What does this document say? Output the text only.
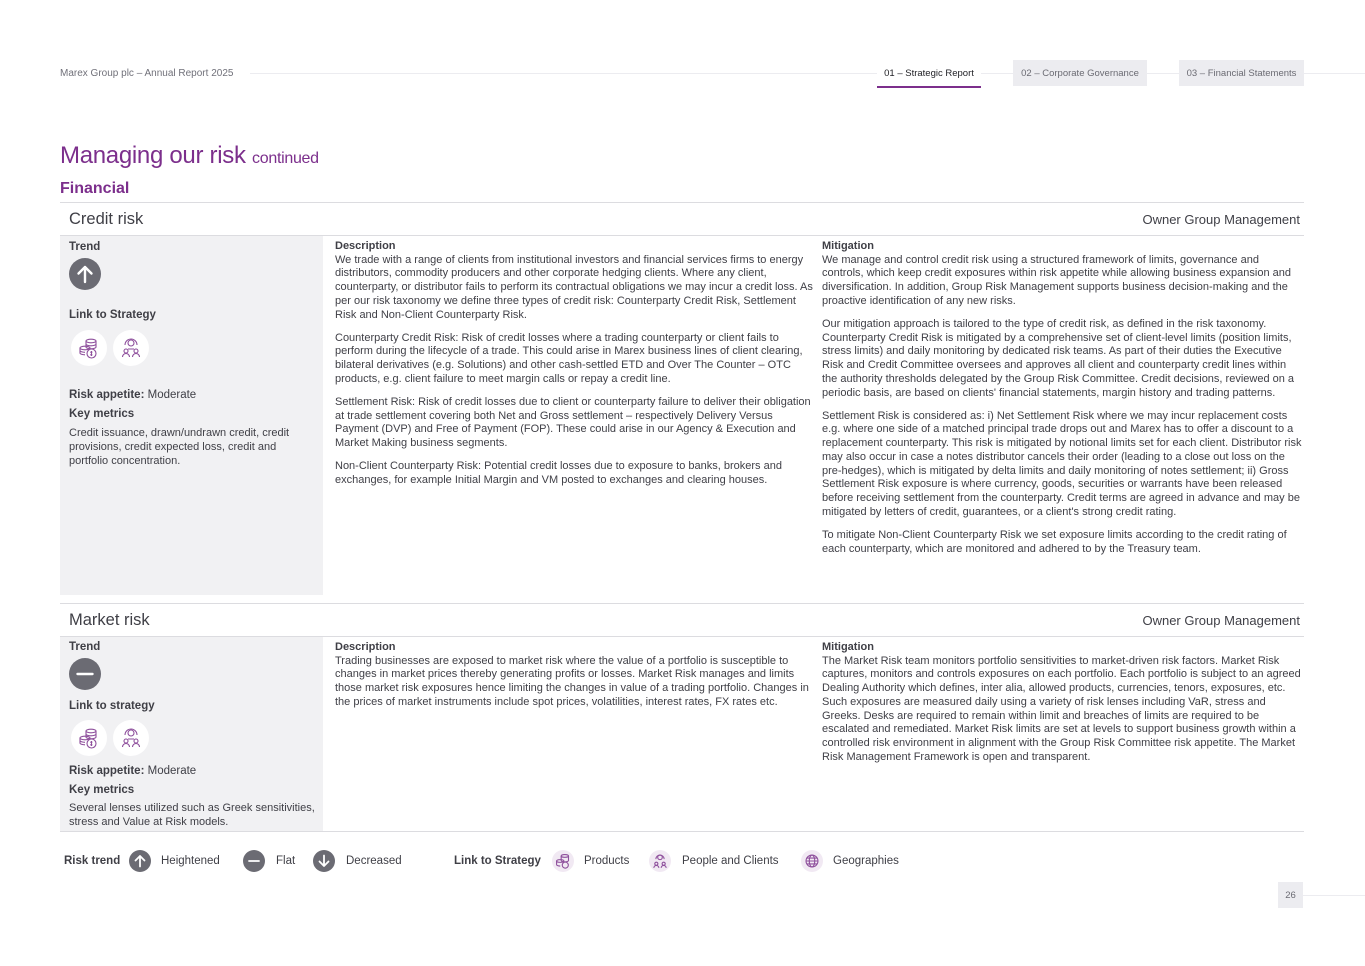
Marex Group plc – Annual Report 2025	01 – Strategic Report	02 – Corporate Governance	03 – Financial Statements
Managing our risk continued
Financial
Credit risk	Owner Group Management
Trend
Link to Strategy
Risk appetite: Moderate
Key metrics
Credit issuance, drawn/undrawn credit, credit provisions, credit expected loss, credit and portfolio concentration.
Description

We trade with a range of clients from institutional investors and financial services firms to energy distributors, commodity producers and other corporate hedging clients. Where any client, counterparty, or distributor fails to perform its contractual obligations we may incur a credit loss. As per our risk taxonomy we define three types of credit risk: Counterparty Credit Risk, Settlement Risk and Non-Client Counterparty Risk.

Counterparty Credit Risk: Risk of credit losses where a trading counterparty or client fails to perform during the lifecycle of a trade. This could arise in Marex business lines of client clearing, bilateral derivatives (e.g. Solutions) and other cash-settled ETD and Over The Counter – OTC products, e.g. client failure to meet margin calls or repay a credit line.

Settlement Risk: Risk of credit losses due to client or counterparty failure to deliver their obligation at trade settlement covering both Net and Gross settlement – respectively Delivery Versus Payment (DVP) and Free of Payment (FOP). These could arise in our Agency & Execution and Market Making business segments.

Non-Client Counterparty Risk: Potential credit losses due to exposure to banks, brokers and exchanges, for example Initial Margin and VM posted to exchanges and clearing houses.

Mitigation

We manage and control credit risk using a structured framework of limits, governance and controls, which keep credit exposures within risk appetite while allowing business expansion and diversification. In addition, Group Risk Management supports business decision-making and the proactive identification of any new risks.

Our mitigation approach is tailored to the type of credit risk, as defined in the risk taxonomy. Counterparty Credit Risk is mitigated by a comprehensive set of client-level limits (position limits, stress limits) and daily monitoring by dedicated risk teams. As part of their duties the Executive Risk and Credit Committee oversees and approves all client and counterparty credit lines within the authority thresholds delegated by the Group Risk Committee. Credit decisions, reviewed on a periodic basis, are based on clients' financial statements, margin history and trading patterns.

Settlement Risk is considered as: i) Net Settlement Risk where we may incur replacement costs e.g. where one side of a matched principal trade drops out and Marex has to offer a discount to a replacement counterparty. This risk is mitigated by notional limits set for each client. Distributor risk may also occur in case a notes distributor cancels their order (leading to a close out loss on the pre-hedges), which is mitigated by delta limits and daily monitoring of notes settlement; ii) Gross Settlement Risk exposure is where currency, goods, securities or warrants have been released before receiving settlement from the counterparty. Credit terms are agreed in advance and may be mitigated by letters of credit, guarantees, or a client's strong credit rating.

To mitigate Non-Client Counterparty Risk we set exposure limits according to the credit rating of each counterparty, which are monitored and adhered to by the Treasury team.

Market risk	Owner Group Management
Trend
Link to strategy
Risk appetite: Moderate
Key metrics
Several lenses utilized such as Greek sensitivities, stress and Value at Risk models.
Description

Trading businesses are exposed to market risk where the value of a portfolio is susceptible to changes in market prices thereby generating profits or losses. Market Risk manages and limits those market risk exposures hence limiting the changes in value of a trading portfolio. Changes in the prices of market instruments include spot prices, volatilities, interest rates, FX rates etc.

Mitigation

The Market Risk team monitors portfolio sensitivities to market-driven risk factors. Market Risk captures, monitors and controls exposures on each portfolio. Each portfolio is subject to an agreed Dealing Authority which defines, inter alia, allowed products, currencies, tenors, exposures, etc. Such exposures are measured daily using a variety of risk lenses including VaR, stress and Greeks. Desks are required to remain within limit and breaches of limits are required to be escalated and remediated. Market Risk limits are set at levels to support business growth within a controlled risk environment in alignment with the Group Risk Committee risk appetite. The Market Risk Management Framework is open and transparent.

Risk trend	Heightened	Flat	Decreased	Link to Strategy	Products	People and Clients	Geographies
26
